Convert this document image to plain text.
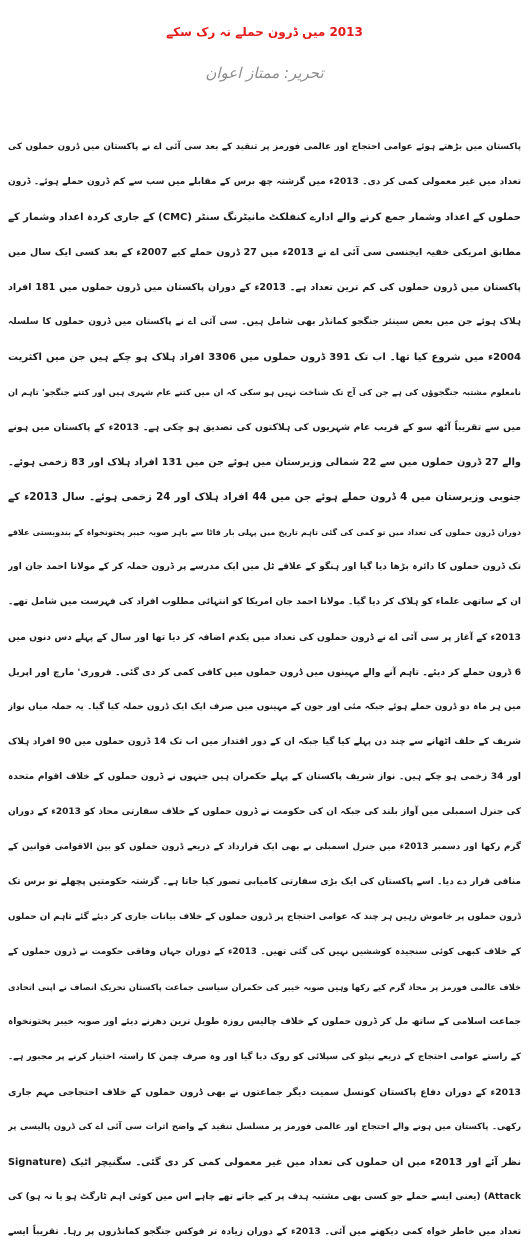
2013 میں ڈرون حملے نہ رک سکے
تحریر: ممتاز اعوان
پاکستان میں بڑھتے ہوئے عوامی احتجاج اور عالمی فورمز پر تنقید کے بعد سی آئی اے نے پاکستان میں ڈرون حملوں کی
تعداد میں غیر معمولی کمی کر دی۔ 2013ء میں گزشتہ چھ برس کے مقابلے میں سب سے کم ڈرون حملے ہوئے۔ ڈرون
حملوں کے اعداد وشمار جمع کرنے والے ادارے کنفلکٹ مانیٹرنگ سنٹر (CMC) کے جاری کردہ اعداد وشمار کے
مطابق امریکی خفیہ ایجنسی سی آئی اے نے 2013ء میں 27 ڈرون حملے کیے 2007ء کے بعد کسی ایک سال میں
پاکستان میں ڈرون حملوں کی کم ترین تعداد ہے۔ 2013ء کے دوران پاکستان میں ڈرون حملوں میں 181 افراد
ہلاک ہوئے جن میں بعض سینئر جنگجو کمانڈر بھی شامل ہیں۔ سی آئی اے نے پاکستان میں ڈرون حملوں کا سلسلہ
2004ء میں شروع کیا تھا۔ اب تک 391 ڈرون حملوں میں 3306 افراد ہلاک ہو چکے ہیں جن میں اکثریت
نامعلوم مشتبہ جنگجوؤں کی ہے جن کی آج تک شناخت نہیں ہو سکی کہ ان میں کتنے عام شہری ہیں اور کتنے جنگجو' تاہم ان
میں سے تقریباً آٹھ سو کے قریب عام شہریوں کی ہلاکتوں کی تصدیق ہو چکی ہے۔ 2013ء کے پاکستان میں ہونے
والے 27 ڈرون حملوں میں سے 22 شمالی وزیرستان میں ہوئے جن میں 131 افراد ہلاک اور 83 زخمی ہوئے۔
جنوبی وزیرستان میں 4 ڈرون حملے ہوئے جن میں 44 افراد ہلاک اور 24 زخمی ہوئے۔ سال 2013ء کے
دوران ڈرون حملوں کی تعداد میں تو کمی کی گئی تاہم تاریخ میں پہلی بار فاٹا سے باہر صوبہ خیبر پختونخواہ کے بندوبستی علاقے
تک ڈرون حملوں کا دائرہ بڑھا دیا گیا اور ہنگو کے علاقے ٹل میں ایک مدرسے پر ڈرون حملہ کر کے مولانا احمد جان اور
ان کے ساتھی علماء کو ہلاک کر دیا گیا۔ مولانا احمد جان امریکا کو انتہائی مطلوب افراد کی فہرست میں شامل تھے۔
2013ء کے آغاز پر سی آئی اے نے ڈرون حملوں کی تعداد میں یکدم اضافہ کر دیا تھا اور سال کے پہلے دس دنوں میں
6 ڈرون حملے کر دیئے۔ تاہم آنے والے مہینوں میں ڈرون حملوں میں کافی کمی کر دی گئی۔ فروری' مارچ اور اپریل
میں ہر ماہ دو ڈرون حملے ہوئے جبکہ مئی اور جون کے مہینوں میں صرف ایک ایک ڈرون حملہ کیا گیا۔ یہ حملہ میاں نواز
شریف کے حلف اٹھانے سے چند دن پہلے کیا گیا جبکہ ان کے دور اقتدار میں اب تک 14 ڈرون حملوں میں 90 افراد ہلاک
اور 34 زخمی ہو چکے ہیں۔ نواز شریف پاکستان کے پہلے حکمران ہیں جنہوں نے ڈرون حملوں کے خلاف اقوام متحدہ
کی جنرل اسمبلی میں آواز بلند کی جبکہ ان کی حکومت نے ڈرون حملوں کے خلاف سفارتی محاذ کو 2013ء کے دوران
گرم رکھا اور دسمبر 2013ء میں جنرل اسمبلی نے بھی ایک قرارداد کے ذریعے ڈرون حملوں کو بین الاقوامی قوانین کے
منافی قرار دے دیا۔ اسے پاکستان کی ایک بڑی سفارتی کامیابی تصور کیا جاتا ہے۔ گزشتہ حکومتیں پچھلے نو برس تک
ڈرون حملوں پر خاموش رہیں ہر چند کہ عوامی احتجاج پر ڈرون حملوں کے خلاف بیانات جاری کر دیئے گئے تاہم ان حملوں
کے خلاف کبھی کوئی سنجیدہ کوششیں نہیں کی گئی تھیں۔ 2013ء کے دوران جہاں وفاقی حکومت نے ڈرون حملوں کے
خلاف عالمی فورمز پر محاذ گرم کیے رکھا وہیں صوبہ خیبر کی حکمران سیاسی جماعت پاکستان تحریک انصاف نے اپنی اتحادی
جماعت اسلامی کے ساتھ مل کر ڈرون حملوں کے خلاف چالیس روزہ طویل ترین دھرنے دیئے اور صوبہ خیبر پختونخواہ
کے راستے عوامی احتجاج کے ذریعے نیٹو کی سپلائی کو روک دیا گیا اور وہ صرف چمن کا راستہ اختیار کرنے پر مجبور ہے۔
2013ء کے دوران دفاع پاکستان کونسل سمیت دیگر جماعتوں نے بھی ڈرون حملوں کے خلاف احتجاجی مہم جاری
رکھی۔ پاکستان میں ہونے والے احتجاج اور عالمی فورمز پر مسلسل تنقید کے واضح اثرات سی آئی اے کی ڈرون پالیسی پر
نظر آئے اور 2013ء میں ان حملوں کی تعداد میں غیر معمولی کمی کر دی گئی۔ سگنیچر اٹیک (Signature
Attack) (یعنی ایسے حملے جو کسی بھی مشتبہ ہدف پر کیے جاتے تھے چاہے اس میں کوئی اہم ٹارگٹ ہو یا نہ ہو) کی
تعداد میں خاطر خواہ کمی دیکھنے میں آئی۔ 2013ء کے دوران زیادہ تر فوکس جنگجو کمانڈروں پر رہا۔ تقریباً ایسے
